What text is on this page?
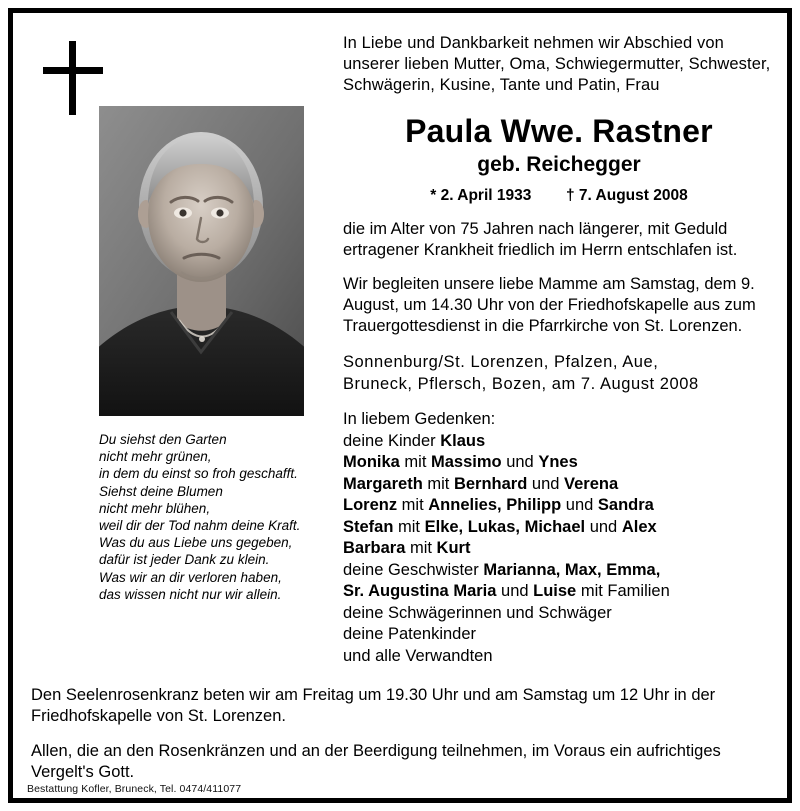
Du siehst den Garten
nicht mehr grünen,
in dem du einst so froh geschafft.
Siehst deine Blumen
nicht mehr blühen,
weil dir der Tod nahm deine Kraft.
Was du aus Liebe uns gegeben,
dafür ist jeder Dank zu klein.
Was wir an dir verloren haben,
das wissen nicht nur wir allein.
In Liebe und Dankbarkeit nehmen wir Abschied von unserer lieben Mutter, Oma, Schwiegermutter, Schwester, Schwägerin, Kusine, Tante und Patin, Frau
Paula Wwe. Rastner
geb. Reichegger
* 2. April 1933 † 7. August 2008
die im Alter von 75 Jahren nach längerer, mit Geduld ertragener Krankheit friedlich im Herrn entschlafen ist.
Wir begleiten unsere liebe Mamme am Samstag, dem 9. August, um 14.30 Uhr von der Friedhofskapelle aus zum Trauergottesdienst in die Pfarrkirche von St. Lorenzen.
Sonnenburg/St. Lorenzen, Pfalzen, Aue,
Bruneck, Pflersch, Bozen, am 7. August 2008
In liebem Gedenken:
deine Kinder Klaus
Monika mit Massimo und Ynes
Margareth mit Bernhard und Verena
Lorenz mit Annelies, Philipp und Sandra
Stefan mit Elke, Lukas, Michael und Alex
Barbara mit Kurt
deine Geschwister Marianna, Max, Emma,
Sr. Augustina Maria und Luise mit Familien
deine Schwägerinnen und Schwäger
deine Patenkinder
und alle Verwandten
Den Seelenrosenkranz beten wir am Freitag um 19.30 Uhr und am Samstag um 12 Uhr in der Friedhofskapelle von St. Lorenzen.
Allen, die an den Rosenkränzen und an der Beerdigung teilnehmen, im Voraus ein aufrichtiges Vergelt's Gott.
Bestattung Kofler, Bruneck, Tel. 0474/411077
